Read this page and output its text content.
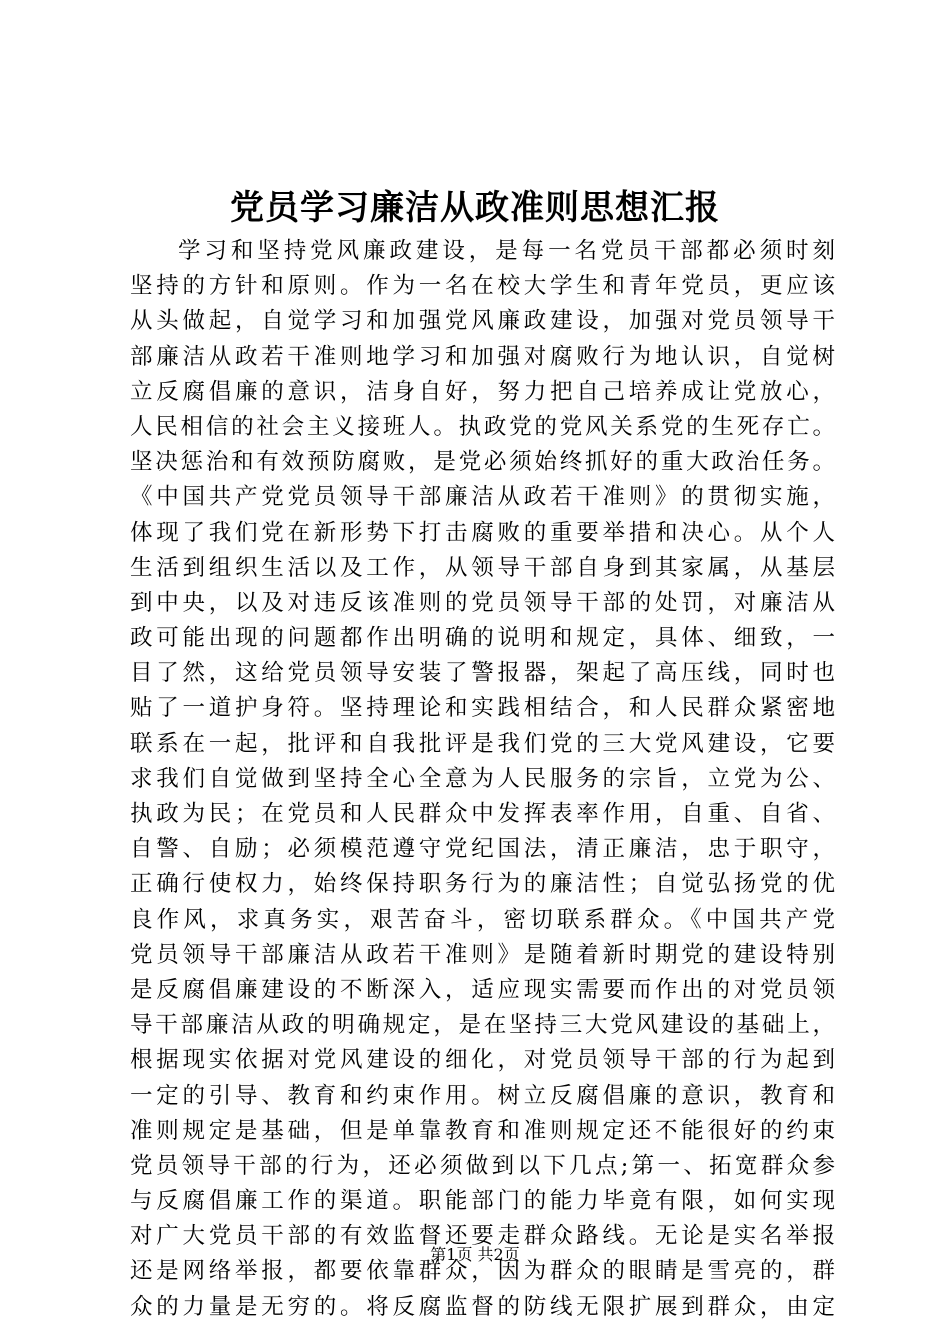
党员学习廉洁从政准则思想汇报
学习和坚持党风廉政建设，是每一名党员干部都必须时刻
坚持的方针和原则。作为一名在校大学生和青年党员，更应该
从头做起，自觉学习和加强党风廉政建设，加强对党员领导干
部廉洁从政若干准则地学习和加强对腐败行为地认识，自觉树
立反腐倡廉的意识，洁身自好，努力把自己培养成让党放心，
人民相信的社会主义接班人。执政党的党风关系党的生死存亡。
坚决惩治和有效预防腐败，是党必须始终抓好的重大政治任务。
《中国共产党党员领导干部廉洁从政若干准则》的贯彻实施，
体现了我们党在新形势下打击腐败的重要举措和决心。从个人
生活到组织生活以及工作，从领导干部自身到其家属，从基层
到中央，以及对违反该准则的党员领导干部的处罚，对廉洁从
政可能出现的问题都作出明确的说明和规定，具体、细致，一
目了然，这给党员领导安装了警报器，架起了高压线，同时也
贴了一道护身符。坚持理论和实践相结合，和人民群众紧密地
联系在一起，批评和自我批评是我们党的三大党风建设，它要
求我们自觉做到坚持全心全意为人民服务的宗旨，立党为公、
执政为民；在党员和人民群众中发挥表率作用，自重、自省、
自警、自励；必须模范遵守党纪国法，清正廉洁，忠于职守，
正确行使权力，始终保持职务行为的廉洁性；自觉弘扬党的优
良作风，求真务实，艰苦奋斗，密切联系群众。《中国共产党
党员领导干部廉洁从政若干准则》是随着新时期党的建设特别
是反腐倡廉建设的不断深入，适应现实需要而作出的对党员领
导干部廉洁从政的明确规定，是在坚持三大党风建设的基础上，
根据现实依据对党风建设的细化，对党员领导干部的行为起到
一定的引导、教育和约束作用。树立反腐倡廉的意识，教育和
准则规定是基础，但是单靠教育和准则规定还不能很好的约束
党员领导干部的行为，还必须做到以下几点;第一、拓宽群众参
与反腐倡廉工作的渠道。职能部门的能力毕竟有限，如何实现
对广大党员干部的有效监督还要走群众路线。无论是实名举报
还是网络举报，都要依靠群众，因为群众的眼睛是雪亮的，群
众的力量是无穷的。将反腐监督的防线无限扩展到群众，由定
第1页 共2页
